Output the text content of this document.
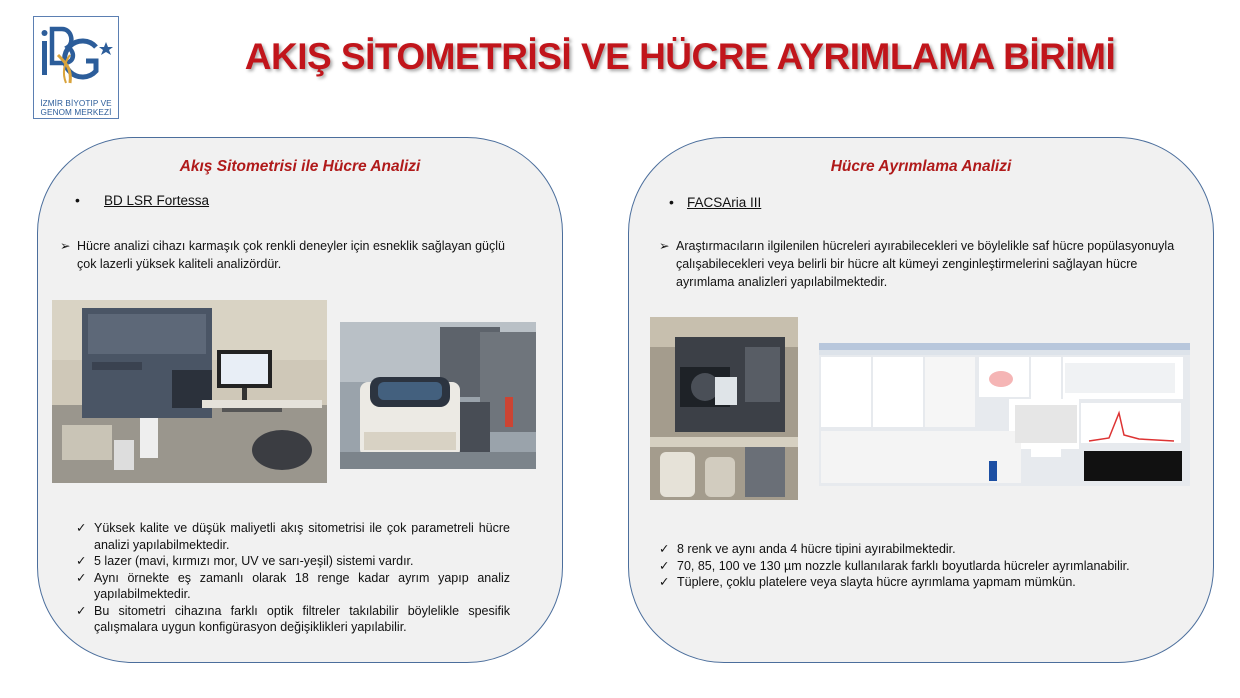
İZMİR BİYOTIP VE
GENOM MERKEZİ
AKIŞ SİTOMETRİSİ VE HÜCRE AYRIMLAMA BİRİMİ
Akış Sitometrisi ile Hücre Analizi
• BD LSR Fortessa
➢ Hücre analizi cihazı karmaşık çok renkli deneyler için esneklik sağlayan güçlü çok lazerli yüksek kaliteli analizördür.
✓ Yüksek kalite ve düşük maliyetli akış sitometrisi ile çok parametreli hücre analizi yapılabilmektedir.
✓ 5 lazer (mavi, kırmızı mor, UV ve sarı-yeşil) sistemi vardır.
✓ Aynı örnekte eş zamanlı olarak 18 renge kadar ayrım yapıp analiz yapılabilmektedir.
✓ Bu sitometri cihazına farklı optik filtreler takılabilir böylelikle spesifik çalışmalara uygun konfigürasyon değişiklikleri yapılabilir.
Hücre Ayrımlama Analizi
• FACSAria III
➢ Araştırmacıların ilgilenilen hücreleri ayırabilecekleri ve böylelikle saf hücre popülasyonuyla çalışabilecekleri veya belirli bir hücre alt kümeyi zenginleştirmelerini sağlayan hücre ayrımlama analizleri yapılabilmektedir.
✓ 8 renk ve aynı anda 4 hücre tipini ayırabilmektedir.
✓ 70, 85, 100 ve 130 µm nozzle kullanılarak farklı boyutlarda hücreler ayrımlanabilir.
✓ Tüplere, çoklu platelere veya slayta hücre ayrımlama yapmam mümkün.
